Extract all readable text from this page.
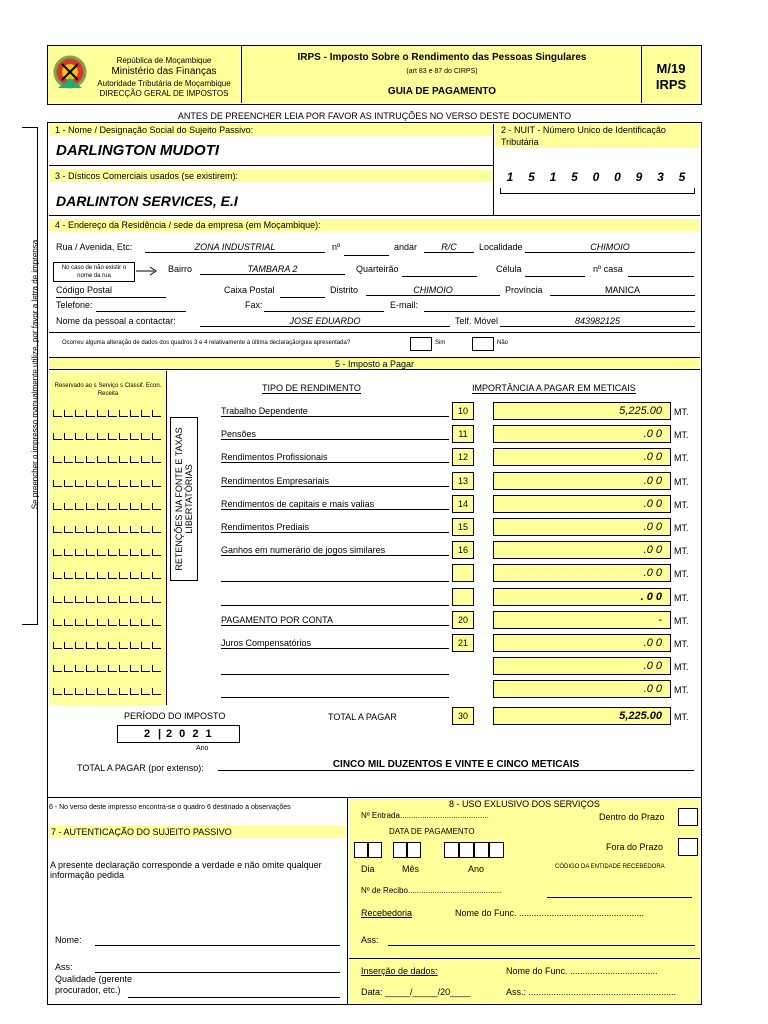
Se preencher o impresso manualmente utilize, por favor a letra de imprensa
República de Moçambique
Ministério das Finanças
Autoridade Tributária de Moçambique
DIRECÇÃO GERAL DE IMPOSTOS
IRPS - Imposto Sobre o Rendimento das Pessoas Singulares
(art 83 e 87 do CIRPS)
GUIA DE PAGAMENTO
M/19
IRPS
ANTES DE PREENCHER LEIA POR FAVOR AS INTRUÇÕES NO VERSO DESTE DOCUMENTO
1 - Nome / Designação Social do Sujeito Passivo:
DARLINGTON MUDOTI
2 - NUIT - Número Unico de Identificação Tributária
1	5	1	5	0	0	9	3	5
3 - Dísticos Comerciais usados (se existirem):
DARLINTON SERVICES, E.I
4 - Endereço da Residência / sede da empresa (em Moçambique):
Rua / Avenida, Etc:	ZONA INDUSTRIAL	nº	andar	R/C	Localidade	CHIMOIO
No caso de não existir o nome da rua
Bairro	TAMBARA 2	Quarteirão	Célula	nº casa
Código Postal	Caixa Postal	Distrito	CHIMOIO	Província	MANICA
Telefone:	Fax:	E-mail:
Nome da pessoal a contactar:	JOSE EDUARDO	Telf. Móvel	843982125
Ocorreu alguma alteração de dados dos quadros 3 e 4 relativamente à última declaração/guia apresentada?	Sim	Não
5 - Imposto a Pagar
Reservado ao s Serviço s Classif. Econ. Receita
RETENÇÕES NA FONTE E TAXAS LIBERTATÓRIAS
TIPO DE RENDIMENTO	IMPORTÂNCIA A PAGAR EM METICAIS
Trabalho Dependente	10	5,225.00	MT.
Pensões	11	.0 0	MT.
Rendimentos Profissionais	12	.0 0	MT.
Rendimentos Empresariais	13	.0 0	MT.
Rendimentos de capitais e mais valias	14	.0 0	MT.
Rendimentos Prediais	15	.0 0	MT.
Ganhos em numerário de jogos similares	16	.0 0	MT.
.0 0	MT.
. 0 0	MT.
PAGAMENTO POR CONTA	20	-	MT.
Juros Compensatórios	21	.0 0	MT.
.0 0	MT.
.0 0	MT.
PERÍODO DO IMPOSTO
2 | 2 0 2 1
Ano
TOTAL A PAGAR	30	5,225.00	MT.
TOTAL A PAGAR (por extenso):	CINCO MIL DUZENTOS E VINTE E CINCO METICAIS
6 - No verso deste impresso encontra-se o quadro 6 destinado a observações
7 - AUTENTICAÇÃO DO SUJEITO PASSIVO
A presente declaração corresponde a verdade e não omite qualquer informação pedida
Nome:
Ass:
Qualidade (gerente procurador, etc.)
8 - USO EXLUSIVO DOS SERVIÇOS
Nº Entrada........................................	Dentro do Prazo
DATA DE PAGAMENTO
Fora do Prazo
Dia	Mês	Ano	CÓDIGO DA ENTIDADE RECEBEDORA
Nº de Recibo..........................................
Recebedoria	Nome do Func. ..................................................
Ass:
Inserção de dados:	Nome do Func. ...................................
Data: _____/_____/20____	Ass.: ...........................................................
